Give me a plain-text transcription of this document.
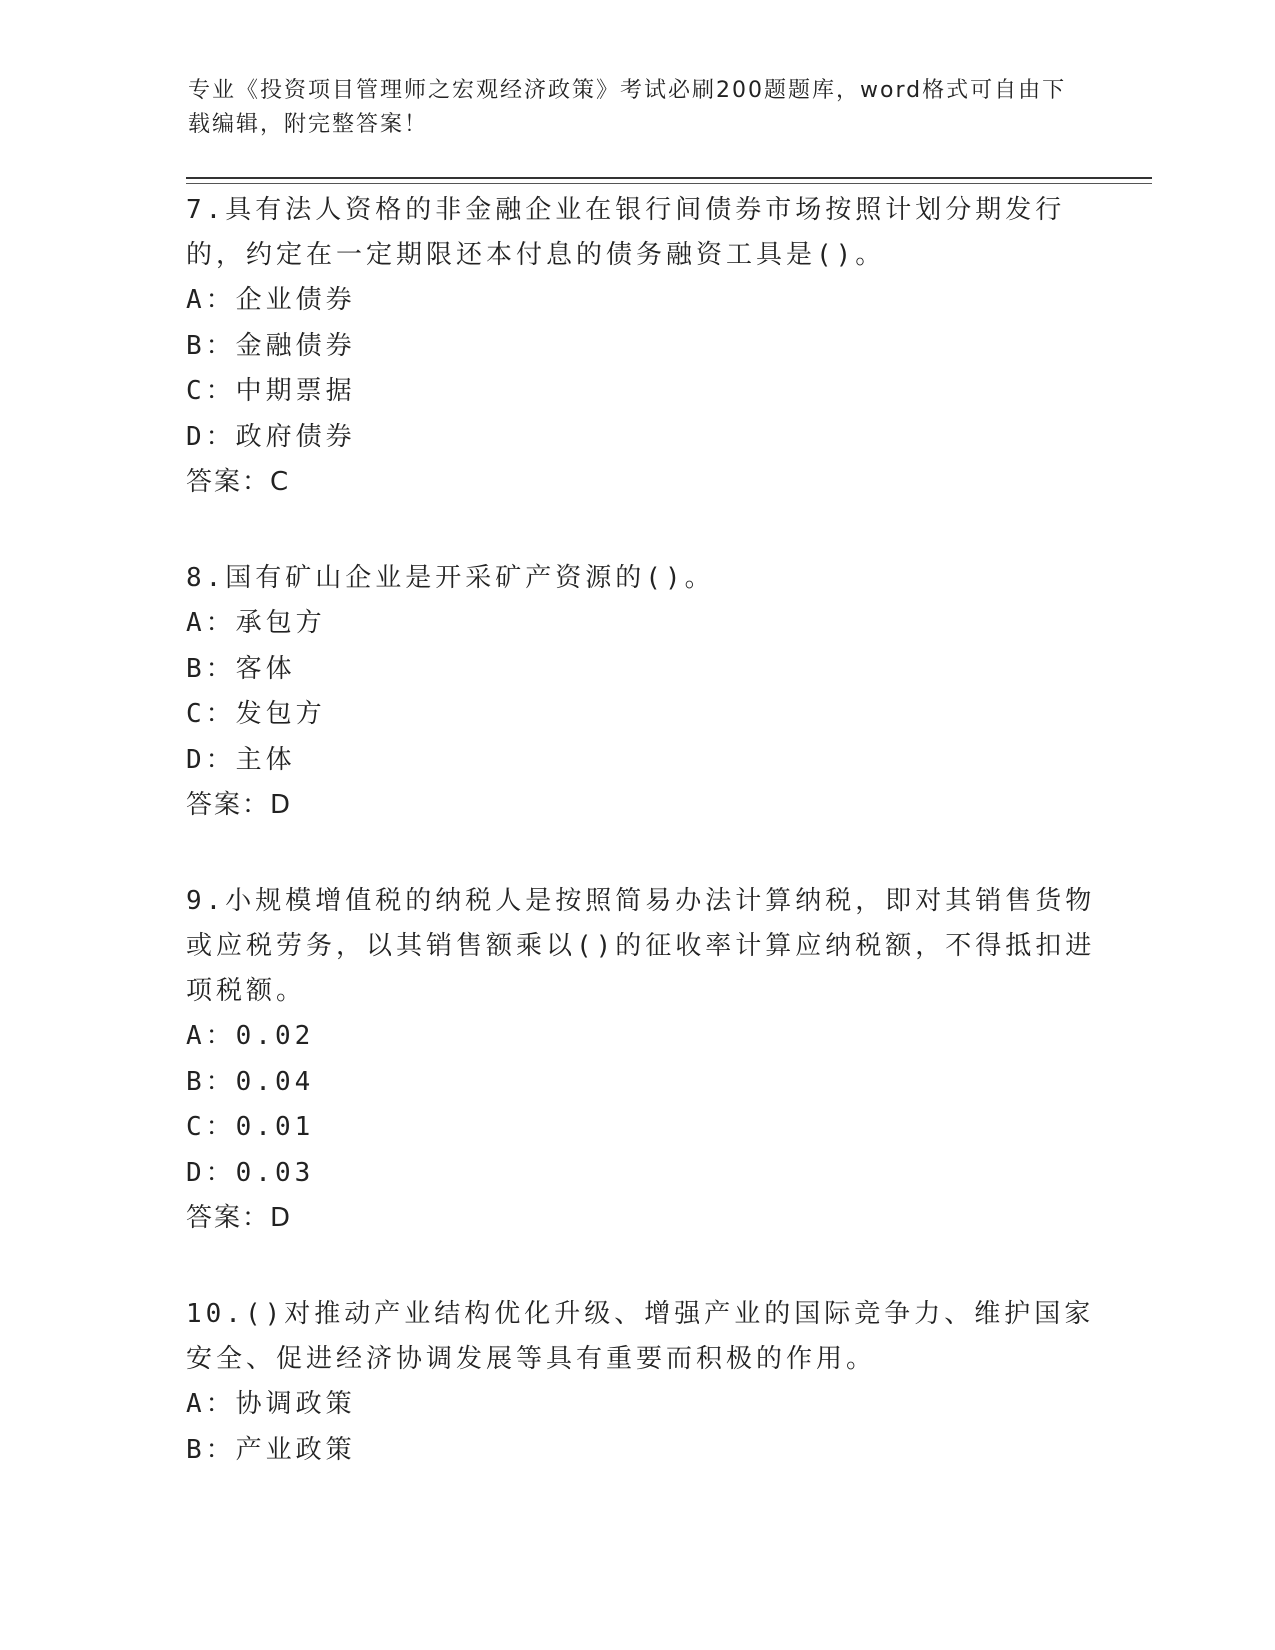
专业《投资项目管理师之宏观经济政策》考试必刷200题题库，word格式可自由下载编辑，附完整答案！

7.具有法人资格的非金融企业在银行间债券市场按照计划分期发行的，约定在一定期限还本付息的债务融资工具是()。

A：企业债券

B：金融债券

C：中期票据

D：政府债券

答案：C

8.国有矿山企业是开采矿产资源的()。

A：承包方

B：客体

C：发包方

D：主体

答案：D

9.小规模增值税的纳税人是按照简易办法计算纳税，即对其销售货物或应税劳务，以其销售额乘以()的征收率计算应纳税额，不得抵扣进项税额。

A：0.02

B：0.04

C：0.01

D：0.03

答案：D

10.()对推动产业结构优化升级、增强产业的国际竞争力、维护国家安全、促进经济协调发展等具有重要而积极的作用。

A：协调政策

B：产业政策
